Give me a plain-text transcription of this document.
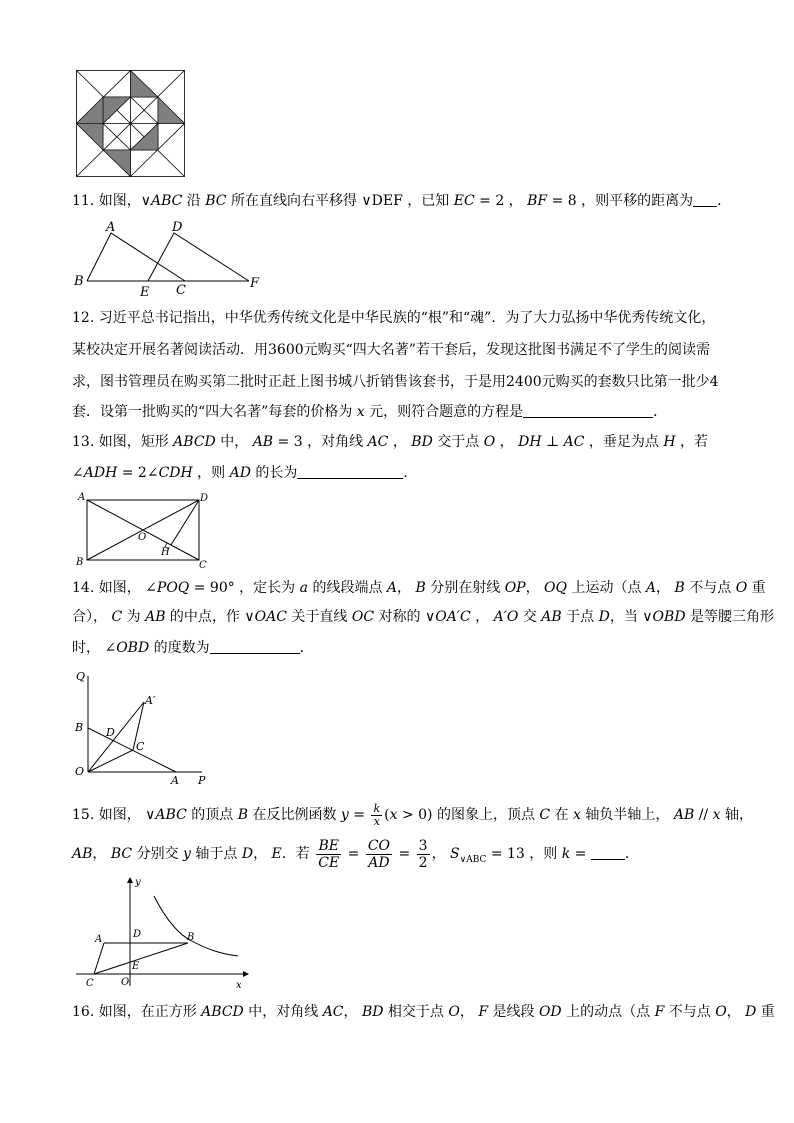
11. 如图，∨ABC 沿 BC 所在直线向右平移得 ∨DEF ，已知 EC = 2 ， BF = 8 ，则平移的距离为 ．
A	D
B
E C	F
12. 习近平总书记指出，中华优秀传统文化是中华民族的“根”和“魂”．为了大力弘扬中华优秀传统文化，
某校决定开展名著阅读活动．用3600元购买“四大名著”若干套后，发现这批图书满足不了学生的阅读需
求，图书管理员在购买第二批时正赶上图书城八折销售该套书，于是用2400元购买的套数只比第一批少4
套．设第一批购买的“四大名著”每套的价格为 x 元，则符合题意的方程是	．
13. 如图，矩形 ABCD 中， AB = 3 ，对角线 AC ， BD 交于点 O ， DH ⊥ AC ，垂足为点 H ，若
∠ADH = 2∠CDH ，则 AD 的长为	．
A	D
B	C
O
H
14. 如图， ∠POQ = 90° ，定长为 a 的线段端点 A， B 分别在射线 OP， OQ 上运动（点 A， B 不与点 O 重
合）， C 为 AB 的中点，作 ∨OAC 关于直线 OC 对称的 ∨OA′C ， A′O 交 AB 于点 D，当 ∨OBD 是等腰三角形
时， ∠OBD 的度数为	．
Q
A′
B D
C
O
A P
15. 如图， ∨ABC 的顶点 B 在反比例函数 $y = \frac{k}{x} (x > 0)$ 的图象上，顶点 C 在 x 轴负半轴上， AB // x 轴，
AB， BC 分别交 y 轴于点 D， E．若 $\frac{BE}{CE} = \frac{CO}{AD} = \frac{3}{2}$ ， $S_{\vee ABC} = 13$ ，则 k = ．
y
A	D	B
E
C	O	x
16. 如图，在正方形 ABCD 中，对角线 AC， BD 相交于点 O， F 是线段 OD 上的动点（点 F 不与点 O， D 重
